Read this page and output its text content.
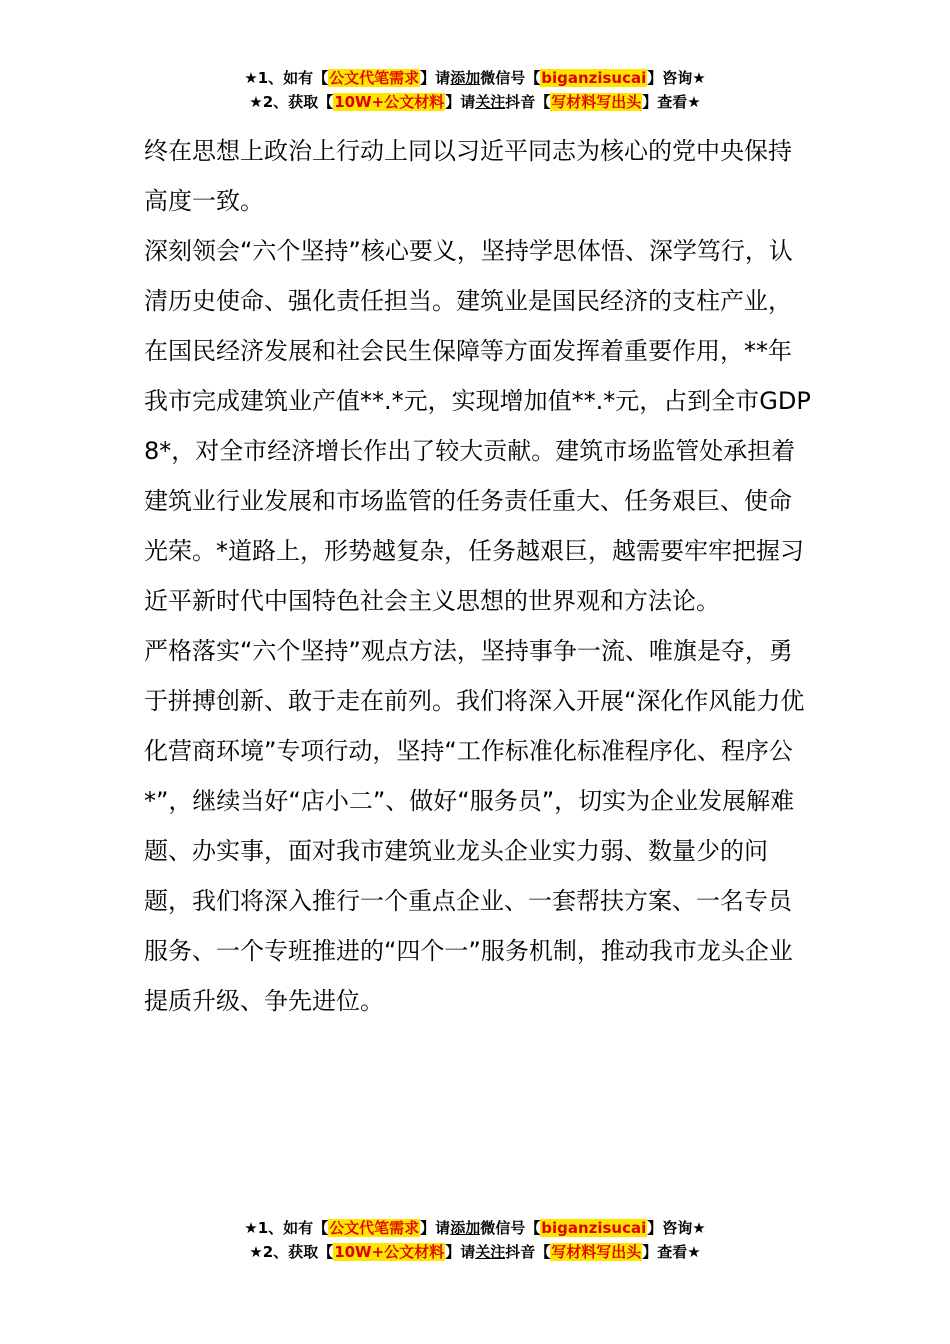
★1、如有【公文代笔需求】请添加微信号【biganzisucai】咨询★
★2、获取【10W+公文材料】请关注抖音【写材料写出头】查看★

终在思想上政治上行动上同以习近平同志为核心的党中央保持高度一致。

深刻领会“六个坚持”核心要义，坚持学思体悟、深学笃行，认清历史使命、强化责任担当。建筑业是国民经济的支柱产业，在国民经济发展和社会民生保障等方面发挥着重要作用，**年我市完成建筑业产值**.*元，实现增加值**.*元，占到全市GDP8*，对全市经济增长作出了较大贡献。建筑市场监管处承担着建筑业行业发展和市场监管的任务责任重大、任务艰巨、使命光荣。*道路上，形势越复杂，任务越艰巨，越需要牢牢把握习近平新时代中国特色社会主义思想的世界观和方法论。

严格落实“六个坚持”观点方法，坚持事争一流、唯旗是夺，勇于拼搏创新、敢于走在前列。我们将深入开展“深化作风能力优化营商环境”专项行动，坚持“工作标准化标准程序化、程序公*”，继续当好“店小二”、做好“服务员”，切实为企业发展解难题、办实事，面对我市建筑业龙头企业实力弱、数量少的问题，我们将深入推行一个重点企业、一套帮扶方案、一名专员服务、一个专班推进的“四个一”服务机制，推动我市龙头企业提质升级、争先进位。

★1、如有【公文代笔需求】请添加微信号【biganzisucai】咨询★
★2、获取【10W+公文材料】请关注抖音【写材料写出头】查看★
